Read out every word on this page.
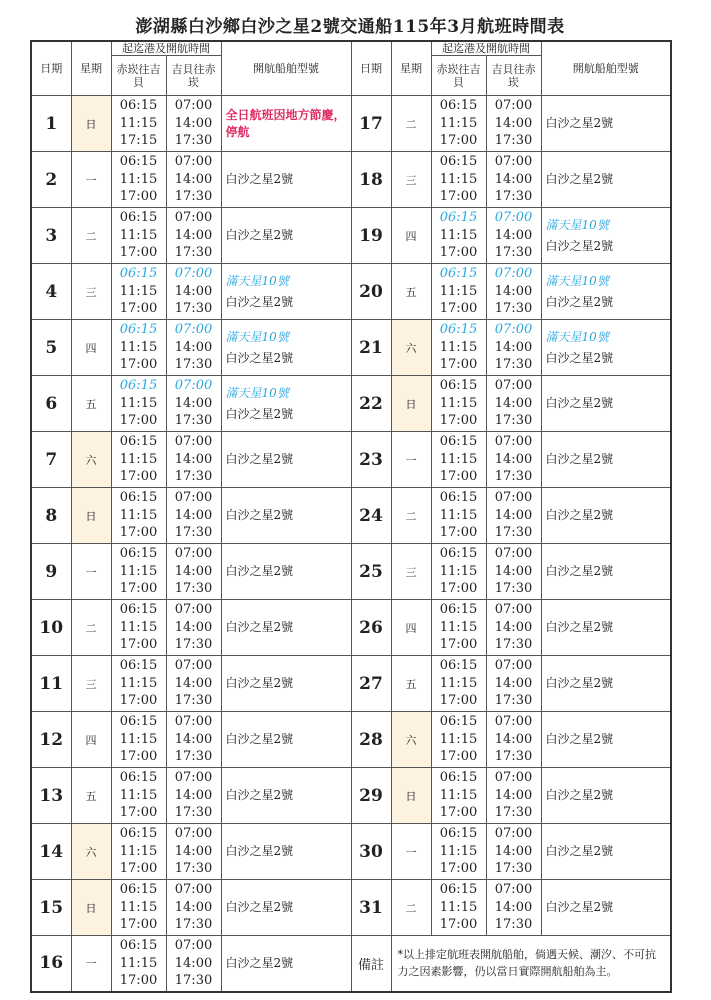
澎湖縣白沙鄉白沙之星2號交通船115年3月航班時間表
日期	星期	起迄港及開航時間		開航船舶型號	日期	星期	起迄港及開航時間		開航船舶型號
		赤崁往吉貝	吉貝往赤崁				赤崁往吉貝	吉貝往赤崁	
1	日	06:15
11:15
17:15	07:00
14:00
17:30	全日航班因地方節慶，停航	17	二	06:15
11:15
17:00	07:00
14:00
17:30	白沙之星2號

2	一	06:15
11:15
17:00	07:00
14:00
17:30	白沙之星2號	18	三	06:15
11:15
17:00	07:00
14:00
17:30	白沙之星2號

3	二	06:15
11:15
17:00	07:00
14:00
17:30	白沙之星2號	19	四	06:15
11:15
17:00	07:00
14:00
17:30	滿天星10號
白沙之星2號

4	三	06:15
11:15
17:00	07:00
14:00
17:30	滿天星10號
白沙之星2號	20	五	06:15
11:15
17:00	07:00
14:00
17:30	滿天星10號
白沙之星2號

5	四	06:15
11:15
17:00	07:00
14:00
17:30	滿天星10號
白沙之星2號	21	六	06:15
11:15
17:00	07:00
14:00
17:30	滿天星10號
白沙之星2號

6	五	06:15
11:15
17:00	07:00
14:00
17:30	滿天星10號
白沙之星2號	22	日	06:15
11:15
17:00	07:00
14:00
17:30	白沙之星2號

7	六	06:15
11:15
17:00	07:00
14:00
17:30	白沙之星2號	23	一	06:15
11:15
17:00	07:00
14:00
17:30	白沙之星2號

8	日	06:15
11:15
17:00	07:00
14:00
17:30	白沙之星2號	24	二	06:15
11:15
17:00	07:00
14:00
17:30	白沙之星2號

9	一	06:15
11:15
17:00	07:00
14:00
17:30	白沙之星2號	25	三	06:15
11:15
17:00	07:00
14:00
17:30	白沙之星2號

10	二	06:15
11:15
17:00	07:00
14:00
17:30	白沙之星2號	26	四	06:15
11:15
17:00	07:00
14:00
17:30	白沙之星2號

11	三	06:15
11:15
17:00	07:00
14:00
17:30	白沙之星2號	27	五	06:15
11:15
17:00	07:00
14:00
17:30	白沙之星2號

12	四	06:15
11:15
17:00	07:00
14:00
17:30	白沙之星2號	28	六	06:15
11:15
17:00	07:00
14:00
17:30	白沙之星2號

13	五	06:15
11:15
17:00	07:00
14:00
17:30	白沙之星2號	29	日	06:15
11:15
17:00	07:00
14:00
17:30	白沙之星2號

14	六	06:15
11:15
17:00	07:00
14:00
17:30	白沙之星2號	30	一	06:15
11:15
17:00	07:00
14:00
17:30	白沙之星2號

15	日	06:15
11:15
17:00	07:00
14:00
17:30	白沙之星2號	31	二	06:15
11:15
17:00	07:00
14:00
17:30	白沙之星2號

16	一	06:15
11:15
17:00	07:00
14:00
17:30	白沙之星2號	備註	*以上排定航班表開航船舶，倘遇天候、潮汐、不可抗力之因素影響，仍以當日實際開航船舶為主。			
